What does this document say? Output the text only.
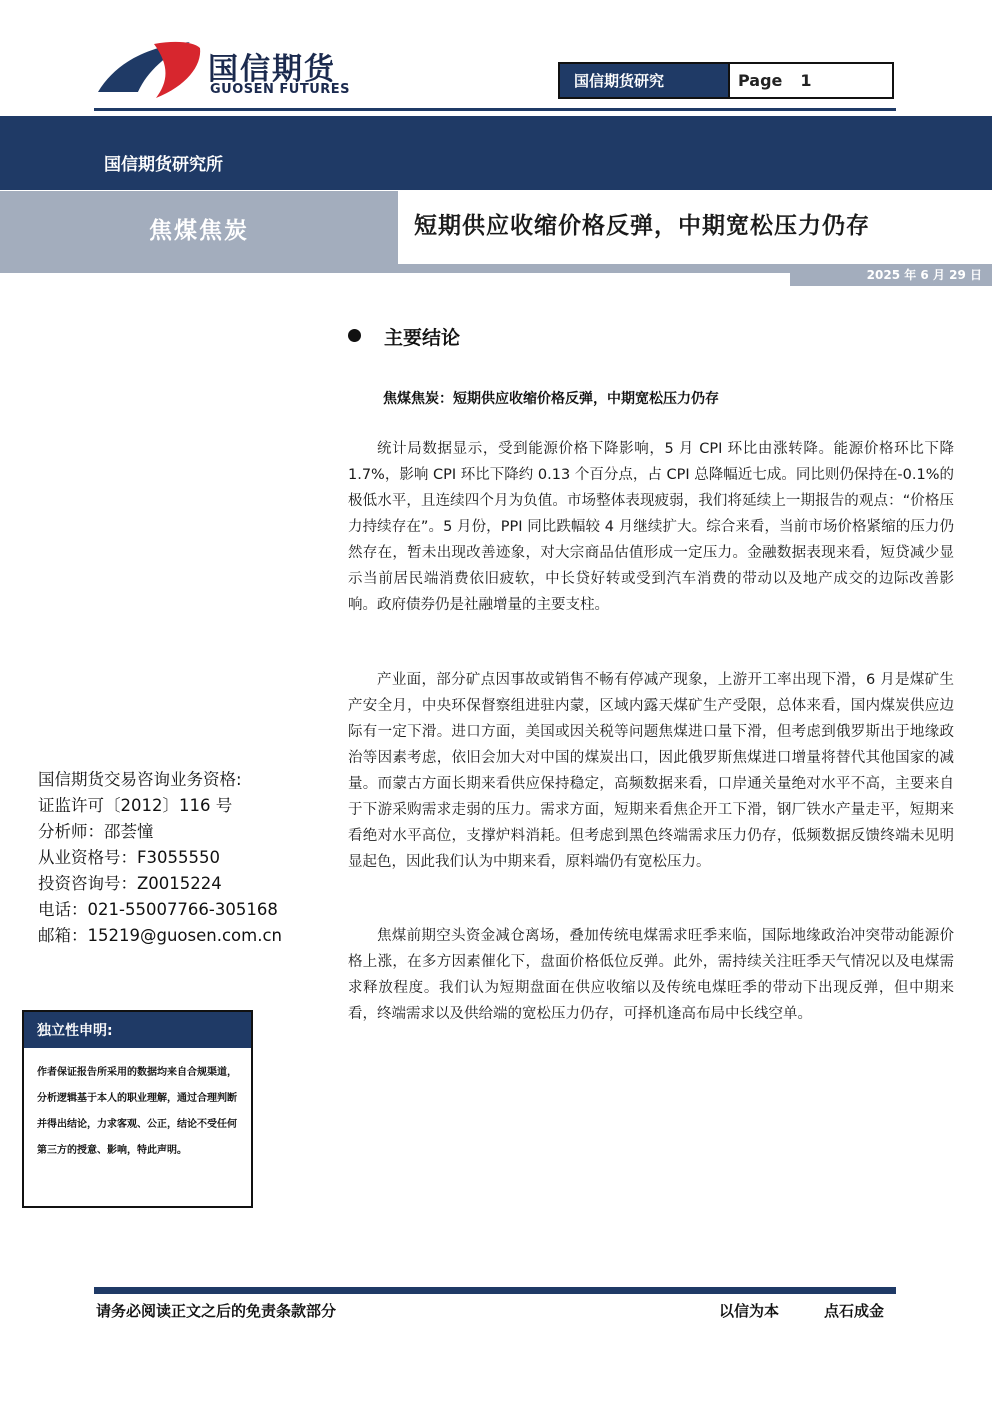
国信期货
GUOSEN FUTURES	国信期货研究	Page 1
国信期货研究所
焦煤焦炭	短期供应收缩价格反弹，中期宽松压力仍存
2025 年 6 月 29 日
主要结论
焦煤焦炭：短期供应收缩价格反弹，中期宽松压力仍存

统计局数据显示，受到能源价格下降影响，5 月 CPI 环比由涨转降。能源价格环比下降 1.7%，影响 CPI 环比下降约 0.13 个百分点，占 CPI 总降幅近七成。同比则仍保持在-0.1%的极低水平，且连续四个月为负值。市场整体表现疲弱，我们将延续上一期报告的观点：“价格压力持续存在”。5 月份，PPI 同比跌幅较 4 月继续扩大。综合来看，当前市场价格紧缩的压力仍然存在，暂未出现改善迹象，对大宗商品估值形成一定压力。金融数据表现来看，短贷减少显示当前居民端消费依旧疲软，中长贷好转或受到汽车消费的带动以及地产成交的边际改善影响。政府债券仍是社融增量的主要支柱。

产业面，部分矿点因事故或销售不畅有停减产现象，上游开工率出现下滑，6 月是煤矿生产安全月，中央环保督察组进驻内蒙，区域内露天煤矿生产受限，总体来看，国内煤炭供应边际有一定下滑。进口方面，美国或因关税等问题焦煤进口量下滑，但考虑到俄罗斯出于地缘政治等因素考虑，依旧会加大对中国的煤炭出口，因此俄罗斯焦煤进口增量将替代其他国家的减量。而蒙古方面长期来看供应保持稳定，高频数据来看，口岸通关量绝对水平不高，主要来自于下游采购需求走弱的压力。需求方面，短期来看焦企开工下滑，钢厂铁水产量走平，短期来看绝对水平高位，支撑炉料消耗。但考虑到黑色终端需求压力仍存，低频数据反馈终端未见明显起色，因此我们认为中期来看，原料端仍有宽松压力。

焦煤前期空头资金减仓离场，叠加传统电煤需求旺季来临，国际地缘政治冲突带动能源价格上涨，在多方因素催化下，盘面价格低位反弹。此外，需持续关注旺季天气情况以及电煤需求释放程度。我们认为短期盘面在供应收缩以及传统电煤旺季的带动下出现反弹，但中期来看，终端需求以及供给端的宽松压力仍存，可择机逢高布局中长线空单。

国信期货交易咨询业务资格:
证监许可〔2012〕116 号
分析师：邵荟憧
从业资格号：F3055550
投资咨询号：Z0015224
电话：021-55007766-305168
邮箱：15219@guosen.com.cn
独立性申明:
作者保证报告所采用的数据均来自合规渠道，分析逻辑基于本人的职业理解，通过合理判断并得出结论，力求客观、公正，结论不受任何第三方的授意、影响，特此声明。
请务必阅读正文之后的免责条款部分	以信为本	点石成金
